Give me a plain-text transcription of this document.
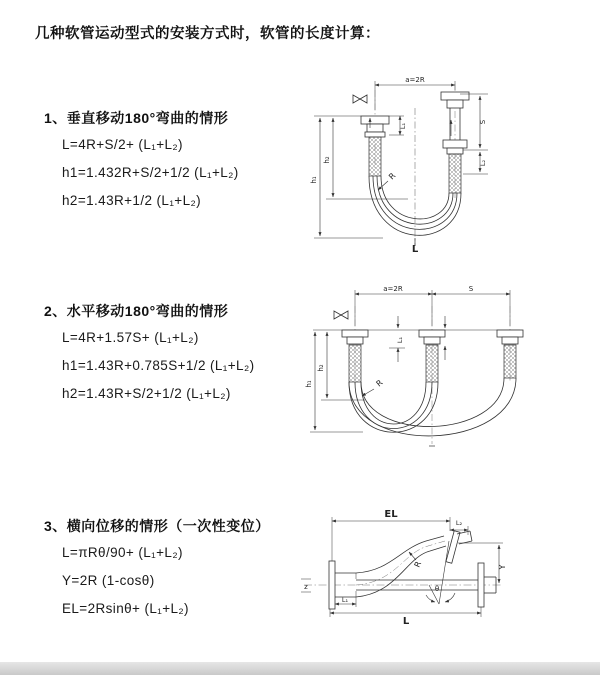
几种软管运动型式的安装方式时，软管的长度计算：
1、垂直移动180°弯曲的情形
L=4R+S/2+ (L₁+L₂)
h1=1.432R+S/2+1/2 (L₁+L₂)
h2=1.43R+1/2 (L₁+L₂)
2、水平移动180°弯曲的情形
L=4R+1.57S+ (L₁+L₂)
h1=1.43R+0.785S+1/2 (L₁+L₂)
h2=1.43R+S/2+1/2 (L₁+L₂)
3、横向位移的情形（一次性变位）
L=πRθ/90+ (L₁+L₂)
Y=2R (1-cosθ)
EL=2Rsinθ+ (L₁+L₂)
a=2R
R
h₂
h₁
L₁
S
L₂
L
a=2R	S
L₁
h₂
h₁	R
z
EL
L₂
Y
R
θ
L
L₁
